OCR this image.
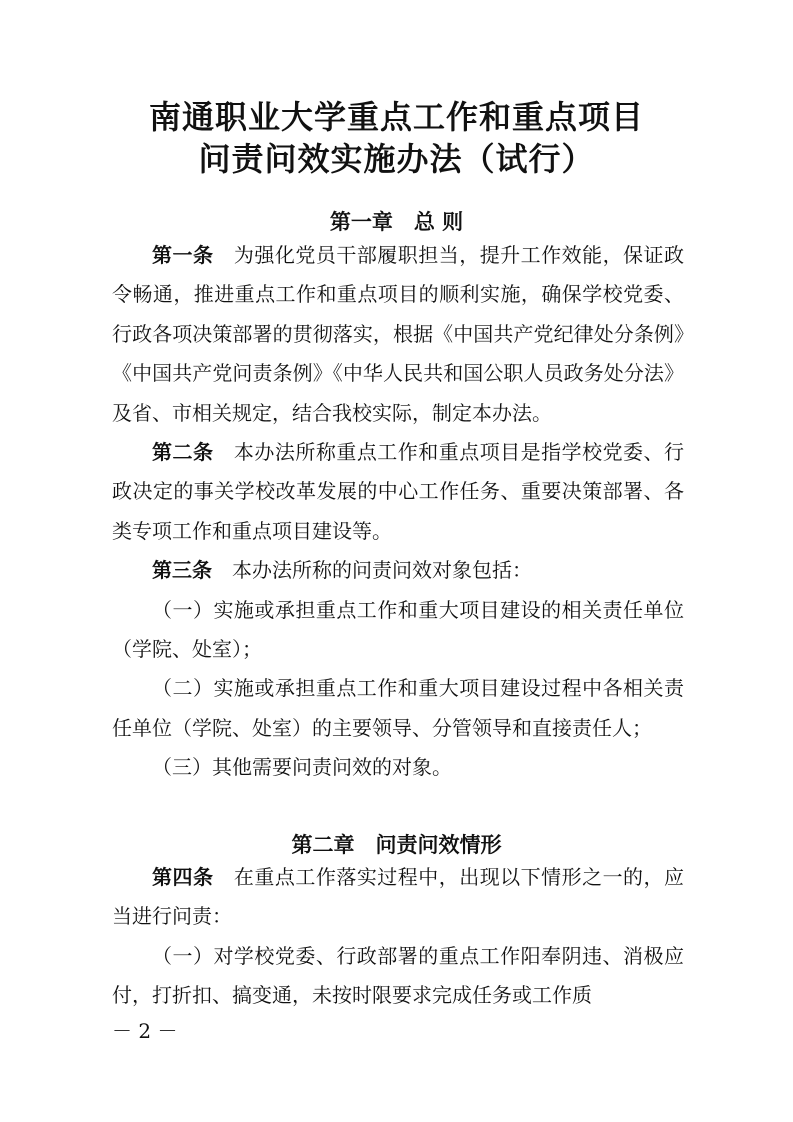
南通职业大学重点工作和重点项目
问责问效实施办法（试行）
第一章　总 则

第一条　为强化党员干部履职担当，提升工作效能，保证政令畅通，推进重点工作和重点项目的顺利实施，确保学校党委、行政各项决策部署的贯彻落实，根据《中国共产党纪律处分条例》《中国共产党问责条例》《中华人民共和国公职人员政务处分法》及省、市相关规定，结合我校实际，制定本办法。

第二条　本办法所称重点工作和重点项目是指学校党委、行政决定的事关学校改革发展的中心工作任务、重要决策部署、各类专项工作和重点项目建设等。

第三条　本办法所称的问责问效对象包括：

（一）实施或承担重点工作和重大项目建设的相关责任单位（学院、处室）；

（二）实施或承担重点工作和重大项目建设过程中各相关责任单位（学院、处室）的主要领导、分管领导和直接责任人；

（三）其他需要问责问效的对象。

第二章　问责问效情形

第四条　在重点工作落实过程中，出现以下情形之一的，应当进行问责：

（一）对学校党委、行政部署的重点工作阳奉阴违、消极应付，打折扣、搞变通，未按时限要求完成任务或工作质

－ 2 －
